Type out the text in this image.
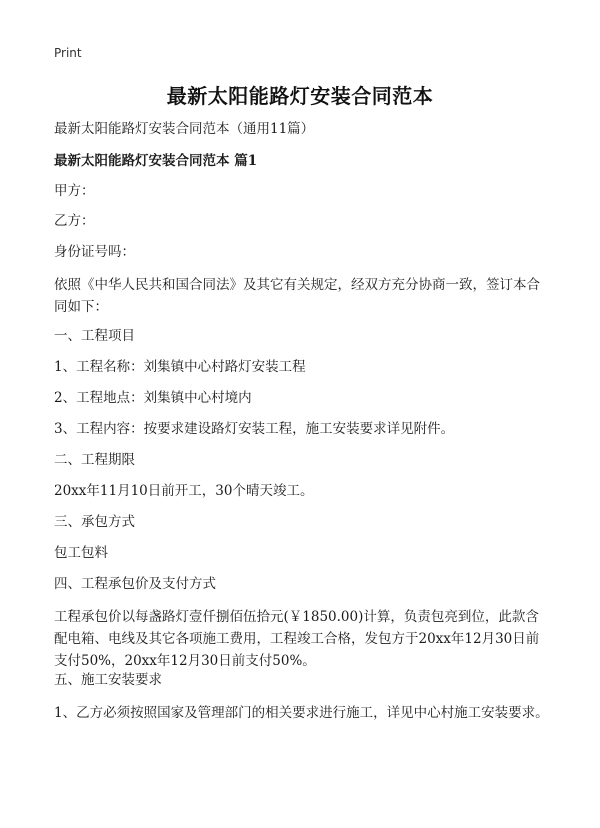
Print
最新太阳能路灯安装合同范本
最新太阳能路灯安装合同范本（通用11篇）
最新太阳能路灯安装合同范本 篇1
甲方：
乙方：
身份证号吗：
依照《中华人民共和国合同法》及其它有关规定，经双方充分协商一致，签订本合同如下：
一、工程项目
1、工程名称：刘集镇中心村路灯安装工程
2、工程地点：刘集镇中心村境内
3、工程内容：按要求建设路灯安装工程，施工安装要求详见附件。
二、工程期限
20xx年11月10日前开工，30个晴天竣工。
三、承包方式
包工包料
四、工程承包价及支付方式
工程承包价以每盏路灯壹仟捌佰伍拾元(￥1850.00)计算，负责包亮到位，此款含配电箱、电线及其它各项施工费用，工程竣工合格，发包方于20xx年12月30日前支付50%，20xx年12月30日前支付50%。
五、施工安装要求
1、乙方必须按照国家及管理部门的相关要求进行施工，详见中心村施工安装要求。
